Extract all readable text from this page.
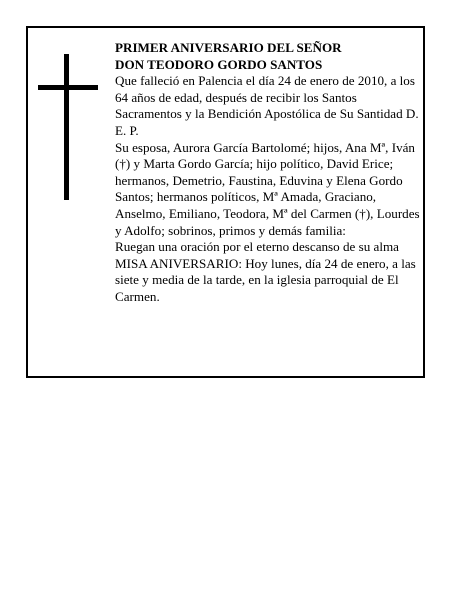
PRIMER ANIVERSARIO DEL SEÑOR

DON TEODORO GORDO SANTOS

Que falleció en Palencia el día 24 de enero de 2010, a los 64 años de edad, después de recibir los Santos Sacramentos y la Bendición Apostólica de Su Santidad D. E. P.

Su esposa, Aurora García Bartolomé; hijos, Ana Mª, Iván (†) y Marta Gordo García; hijo político, David Erice; hermanos, Demetrio, Faustina, Eduvina y Elena Gordo Santos; hermanos políticos, Mª Amada, Graciano, Anselmo, Emiliano, Teodora, Mª del Carmen (†), Lourdes y Adolfo; sobrinos, primos y demás familia:

Ruegan una oración por el eterno descanso de su alma MISA ANIVERSARIO: Hoy lunes, día 24 de enero, a las siete y media de la tarde, en la iglesia parroquial de El Carmen.
